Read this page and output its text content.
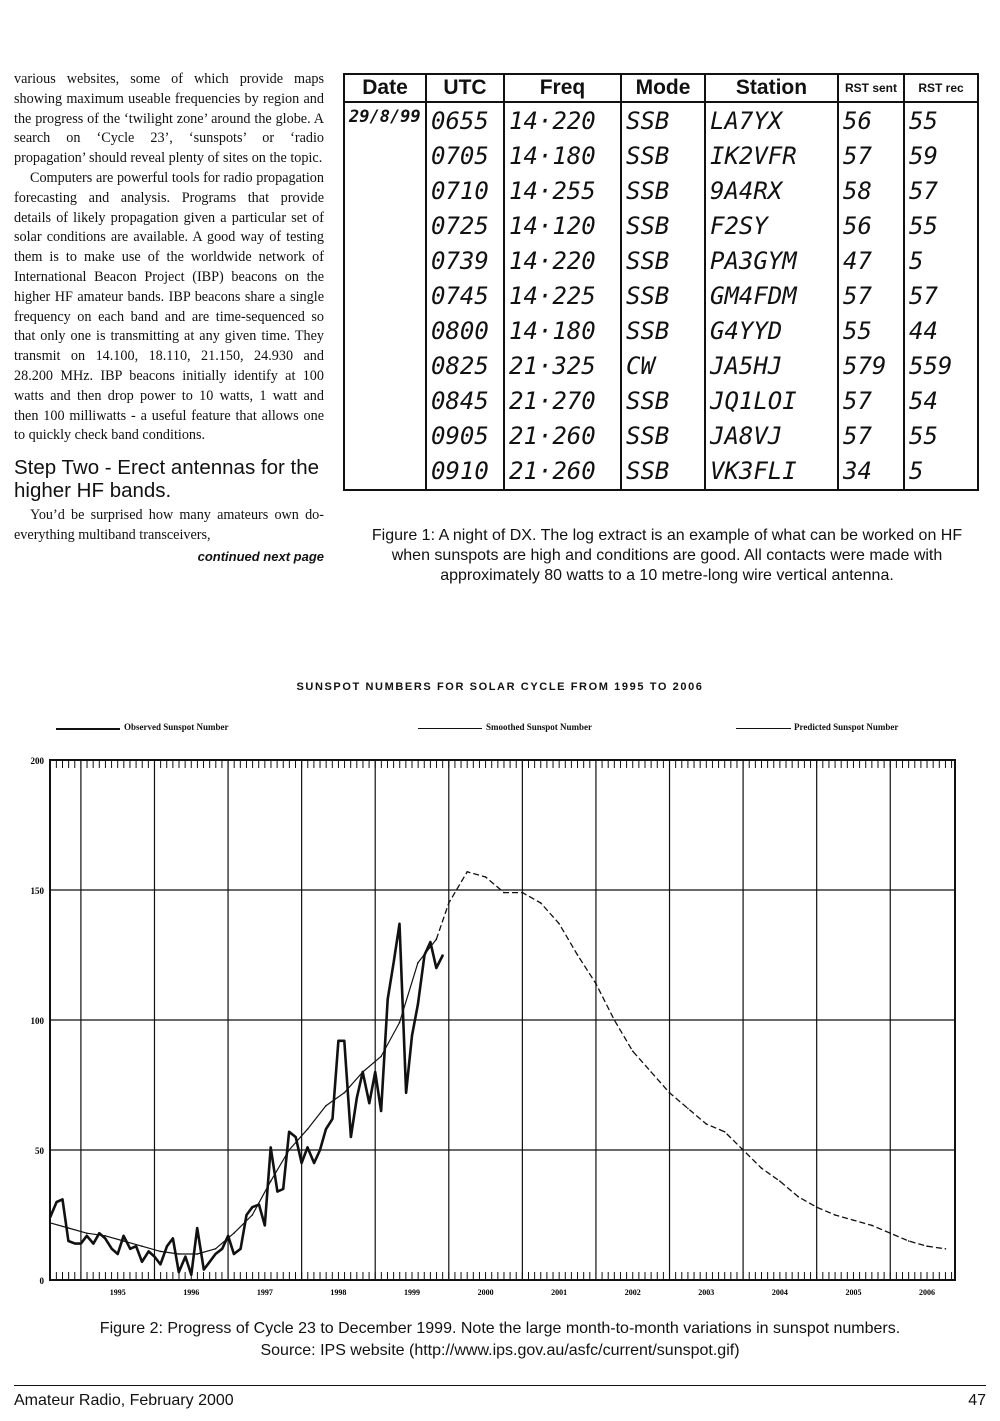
various websites, some of which provide maps showing maximum useable frequencies by region and the progress of the ‘twilight zone’ around the globe. A search on ‘Cycle 23’, ‘sunspots’ or ‘radio propagation’ should reveal plenty of sites on the topic.

Computers are powerful tools for radio propagation forecasting and analysis. Programs that provide details of likely propagation given a particular set of solar conditions are available. A good way of testing them is to make use of the worldwide network of International Beacon Project (IBP) beacons on the higher HF amateur bands. IBP beacons share a single frequency on each band and are time-sequenced so that only one is transmitting at any given time. They transmit on 14.100, 18.110, 21.150, 24.930 and 28.200 MHz. IBP beacons initially identify at 100 watts and then drop power to 10 watts, 1 watt and then 100 milliwatts - a useful feature that allows one to quickly check band conditions.

Step Two - Erect antennas for the higher HF bands.

You’d be surprised how many amateurs own do-everything multiband transceivers,

continued next page
Date	UTC	Freq	Mode	Station	RST sent	RST rec
29/8/99	0655	14·220	SSB	LA7YX	56	55
	0705	14·180	SSB	IK2VFR	57	59
	0710	14·255	SSB	9A4RX	58	57
	0725	14·120	SSB	F2SY	56	55
	0739	14·220	SSB	PA3GYM	47	5
	0745	14·225	SSB	GM4FDM	57	57
	0800	14·180	SSB	G4YYD	55	44
	0825	21·325	CW	JA5HJ	579	559
	0845	21·270	SSB	JQ1LOI	57	54
	0905	21·260	SSB	JA8VJ	57	55
	0910	21·260	SSB	VK3FLI	34	5
Figure 1: A night of DX. The log extract is an example of what can be worked on HF when sunspots are high and conditions are good. All contacts were made with approximately 80 watts to a 10 metre-long wire vertical antenna.
SUNSPOT NUMBERS FOR SOLAR CYCLE FROM 1995 TO 2006
Observed Sunspot Number	Smoothed Sunspot Number	Predicted Sunspot Number
0
50
100
150
200
1995	1996	1997	1998	1999	2000	2001	2002	2003	2004	2005	2006
Figure 2: Progress of Cycle 23 to December 1999. Note the large month-to-month variations in sunspot numbers.
Source: IPS website (http://www.ips.gov.au/asfc/current/sunspot.gif)
Amateur Radio, February 2000	47
